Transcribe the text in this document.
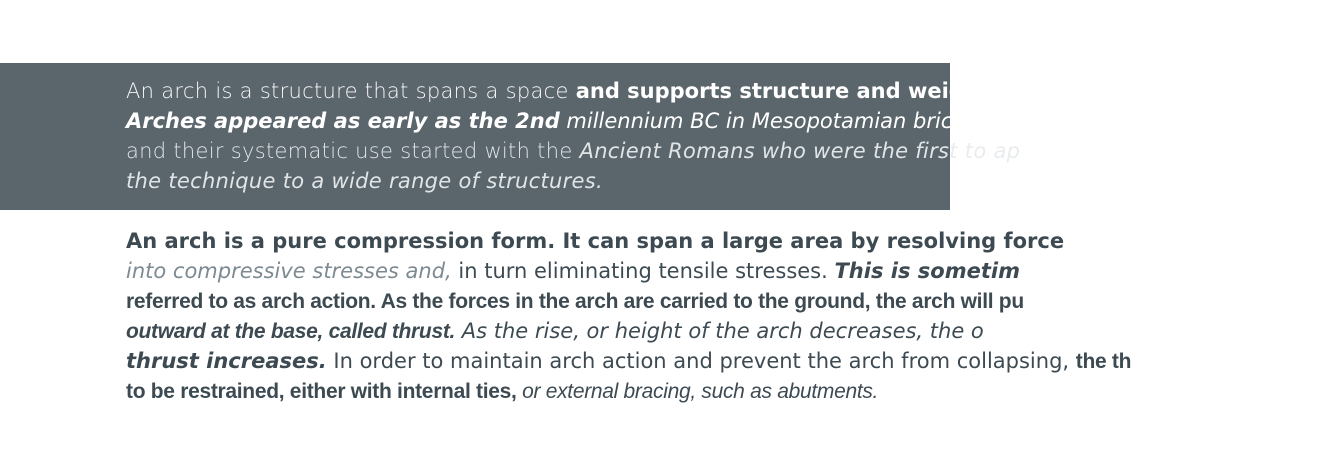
An arch is a structure that spans a space and supports structure and weight be
Arches appeared as early as the 2nd millennium BC in Mesopotamian brick arc
and their systematic use started with the Ancient Romans who were the first to ap
the technique to a wide range of structures.
An arch is a pure compression form. It can span a large area by resolving force
into compressive stresses and, in turn eliminating tensile stresses. This is sometim
referred to as arch action. As the forces in the arch are carried to the ground, the arch will pu
outward at the base, called thrust. As the rise, or height of the arch decreases, the o
thrust increases. In order to maintain arch action and prevent the arch from collapsing, the th
to be restrained, either with internal ties, or external bracing, such as abutments.
